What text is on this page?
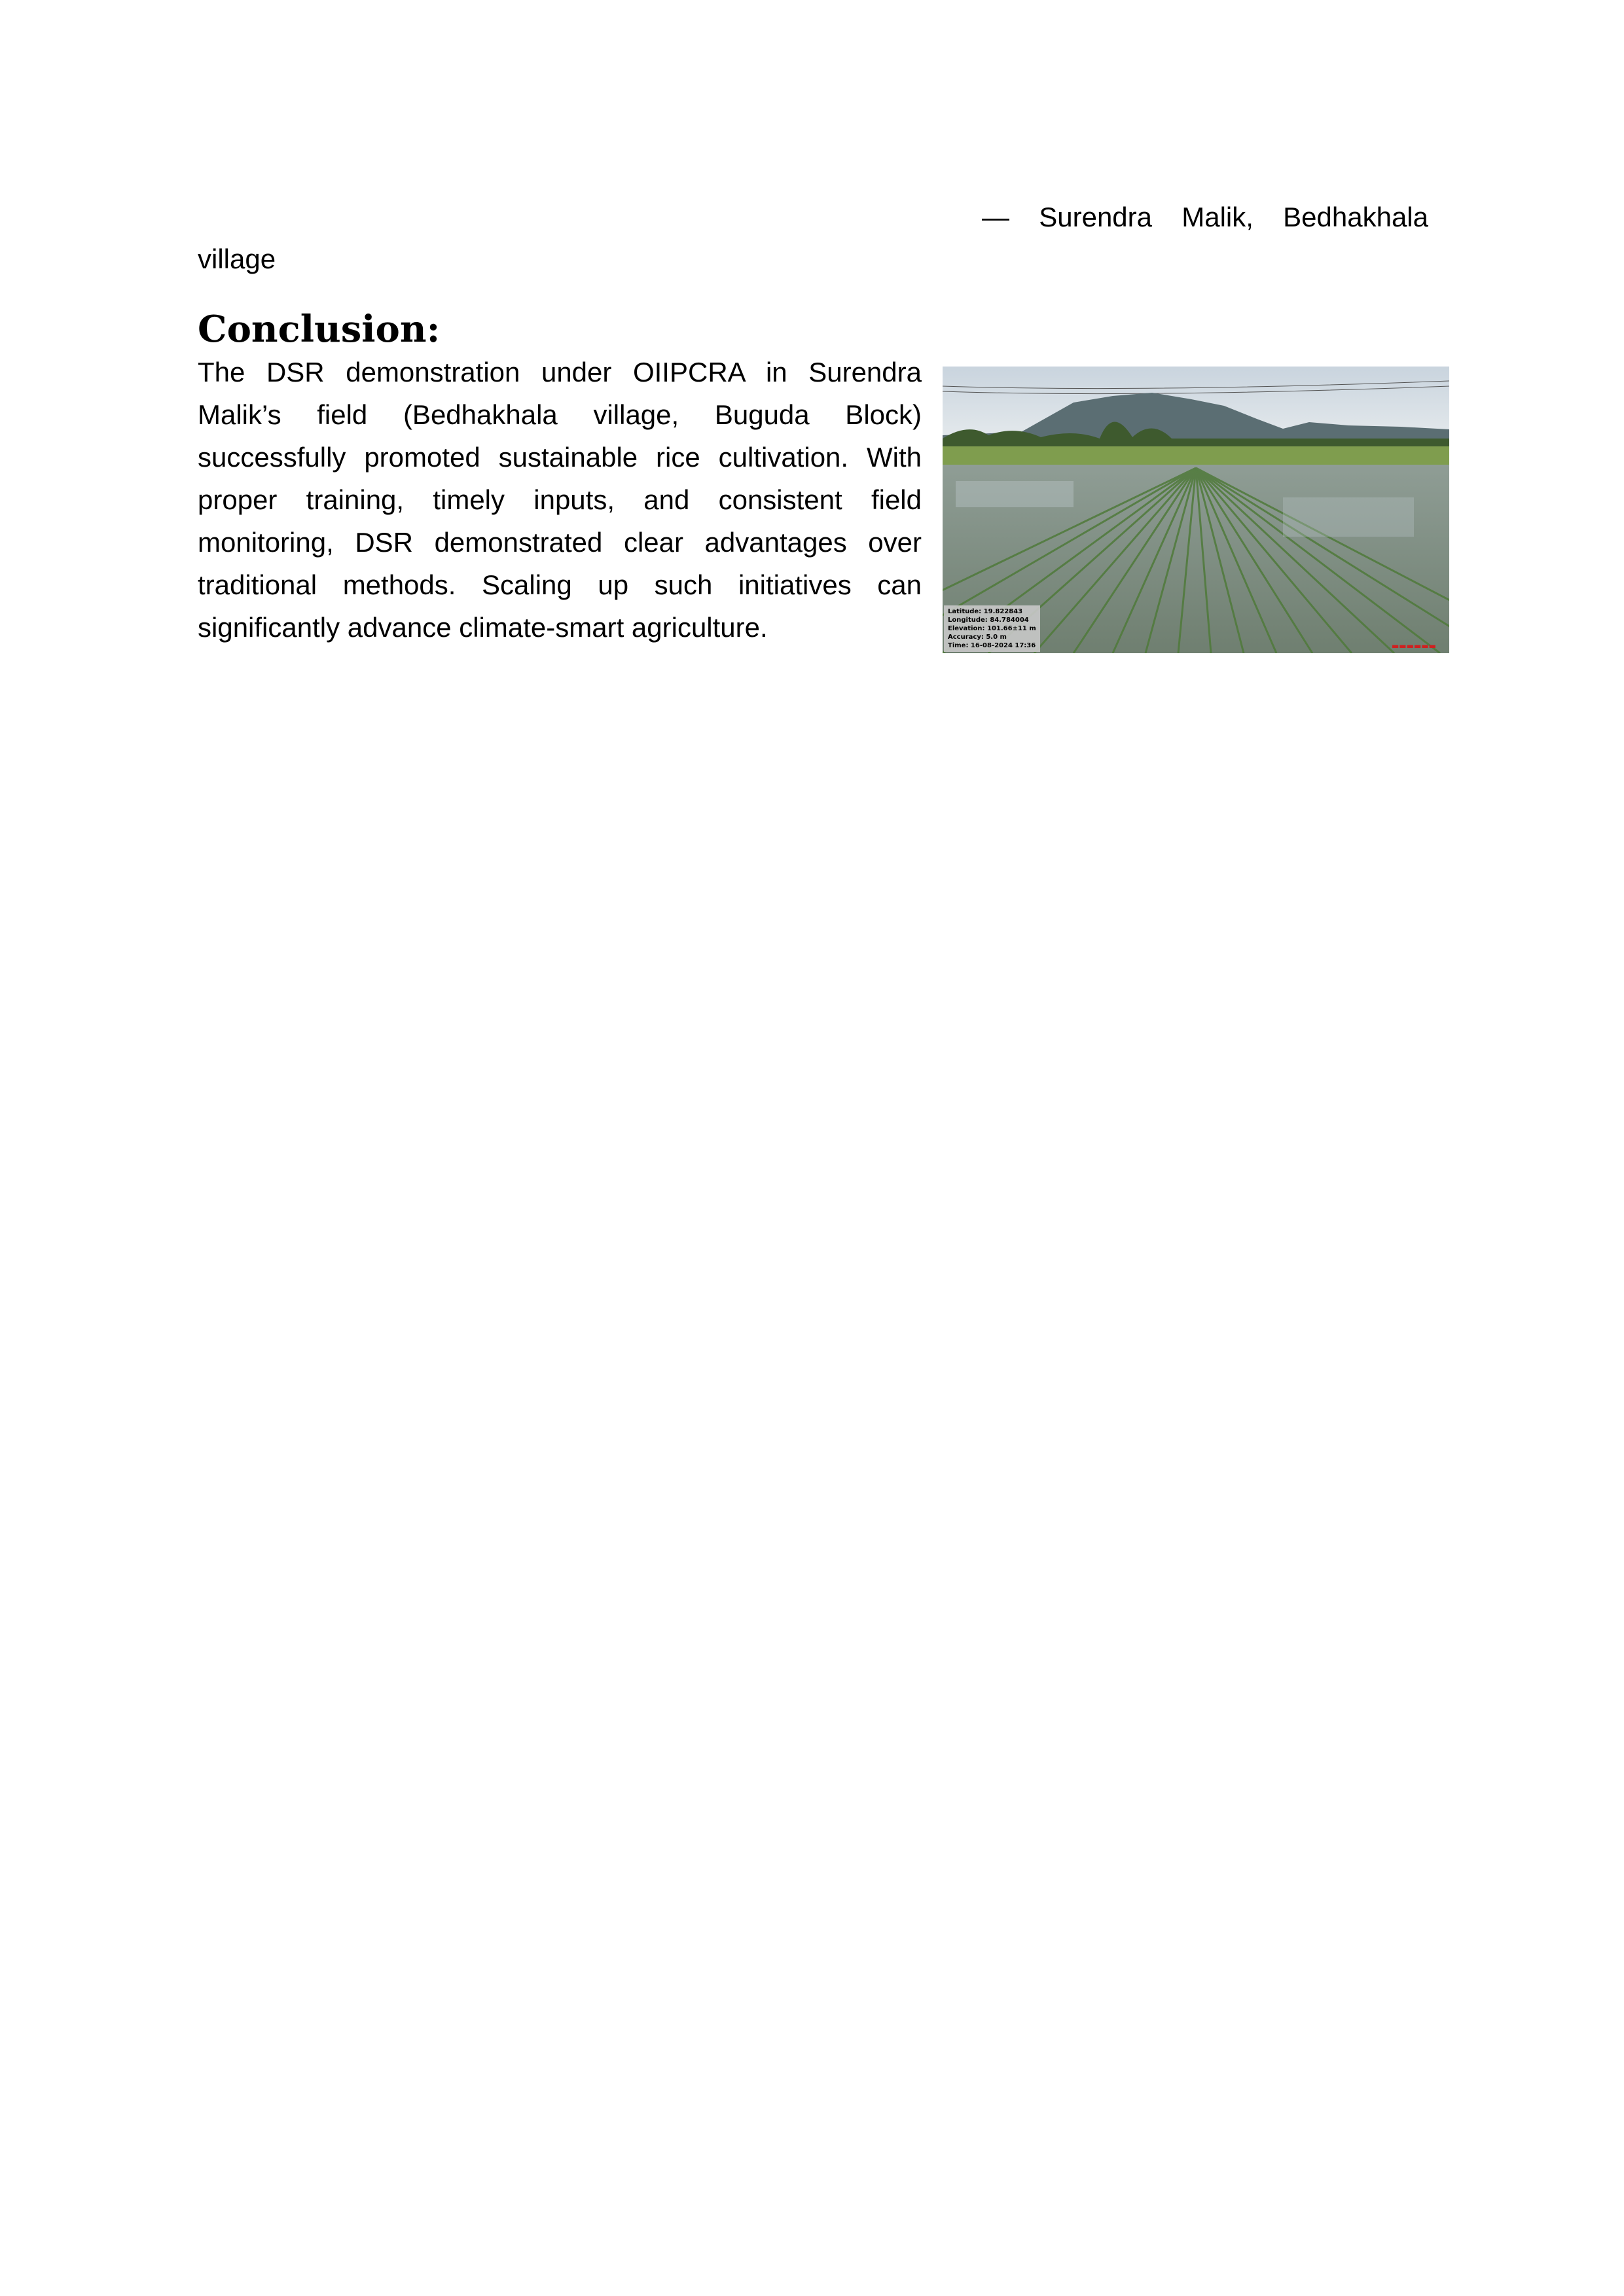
— Surendra Malik, Bedhakhala
village
Conclusion:

The DSR demonstration under OIIPCRA in Surendra Malik’s field (Bedhakhala village, Buguda Block) successfully promoted sustainable rice cultivation. With proper training, timely inputs, and consistent field monitoring, DSR demonstrated clear advantages over traditional methods. Scaling up such initiatives can significantly advance climate-smart agriculture.

Latitude: 19.822843
Longitude: 84.784004
Elevation: 101.66±11 m
Accuracy: 5.0 m
Time: 16-08-2024 17:36	▬▬▬▬▬▬
